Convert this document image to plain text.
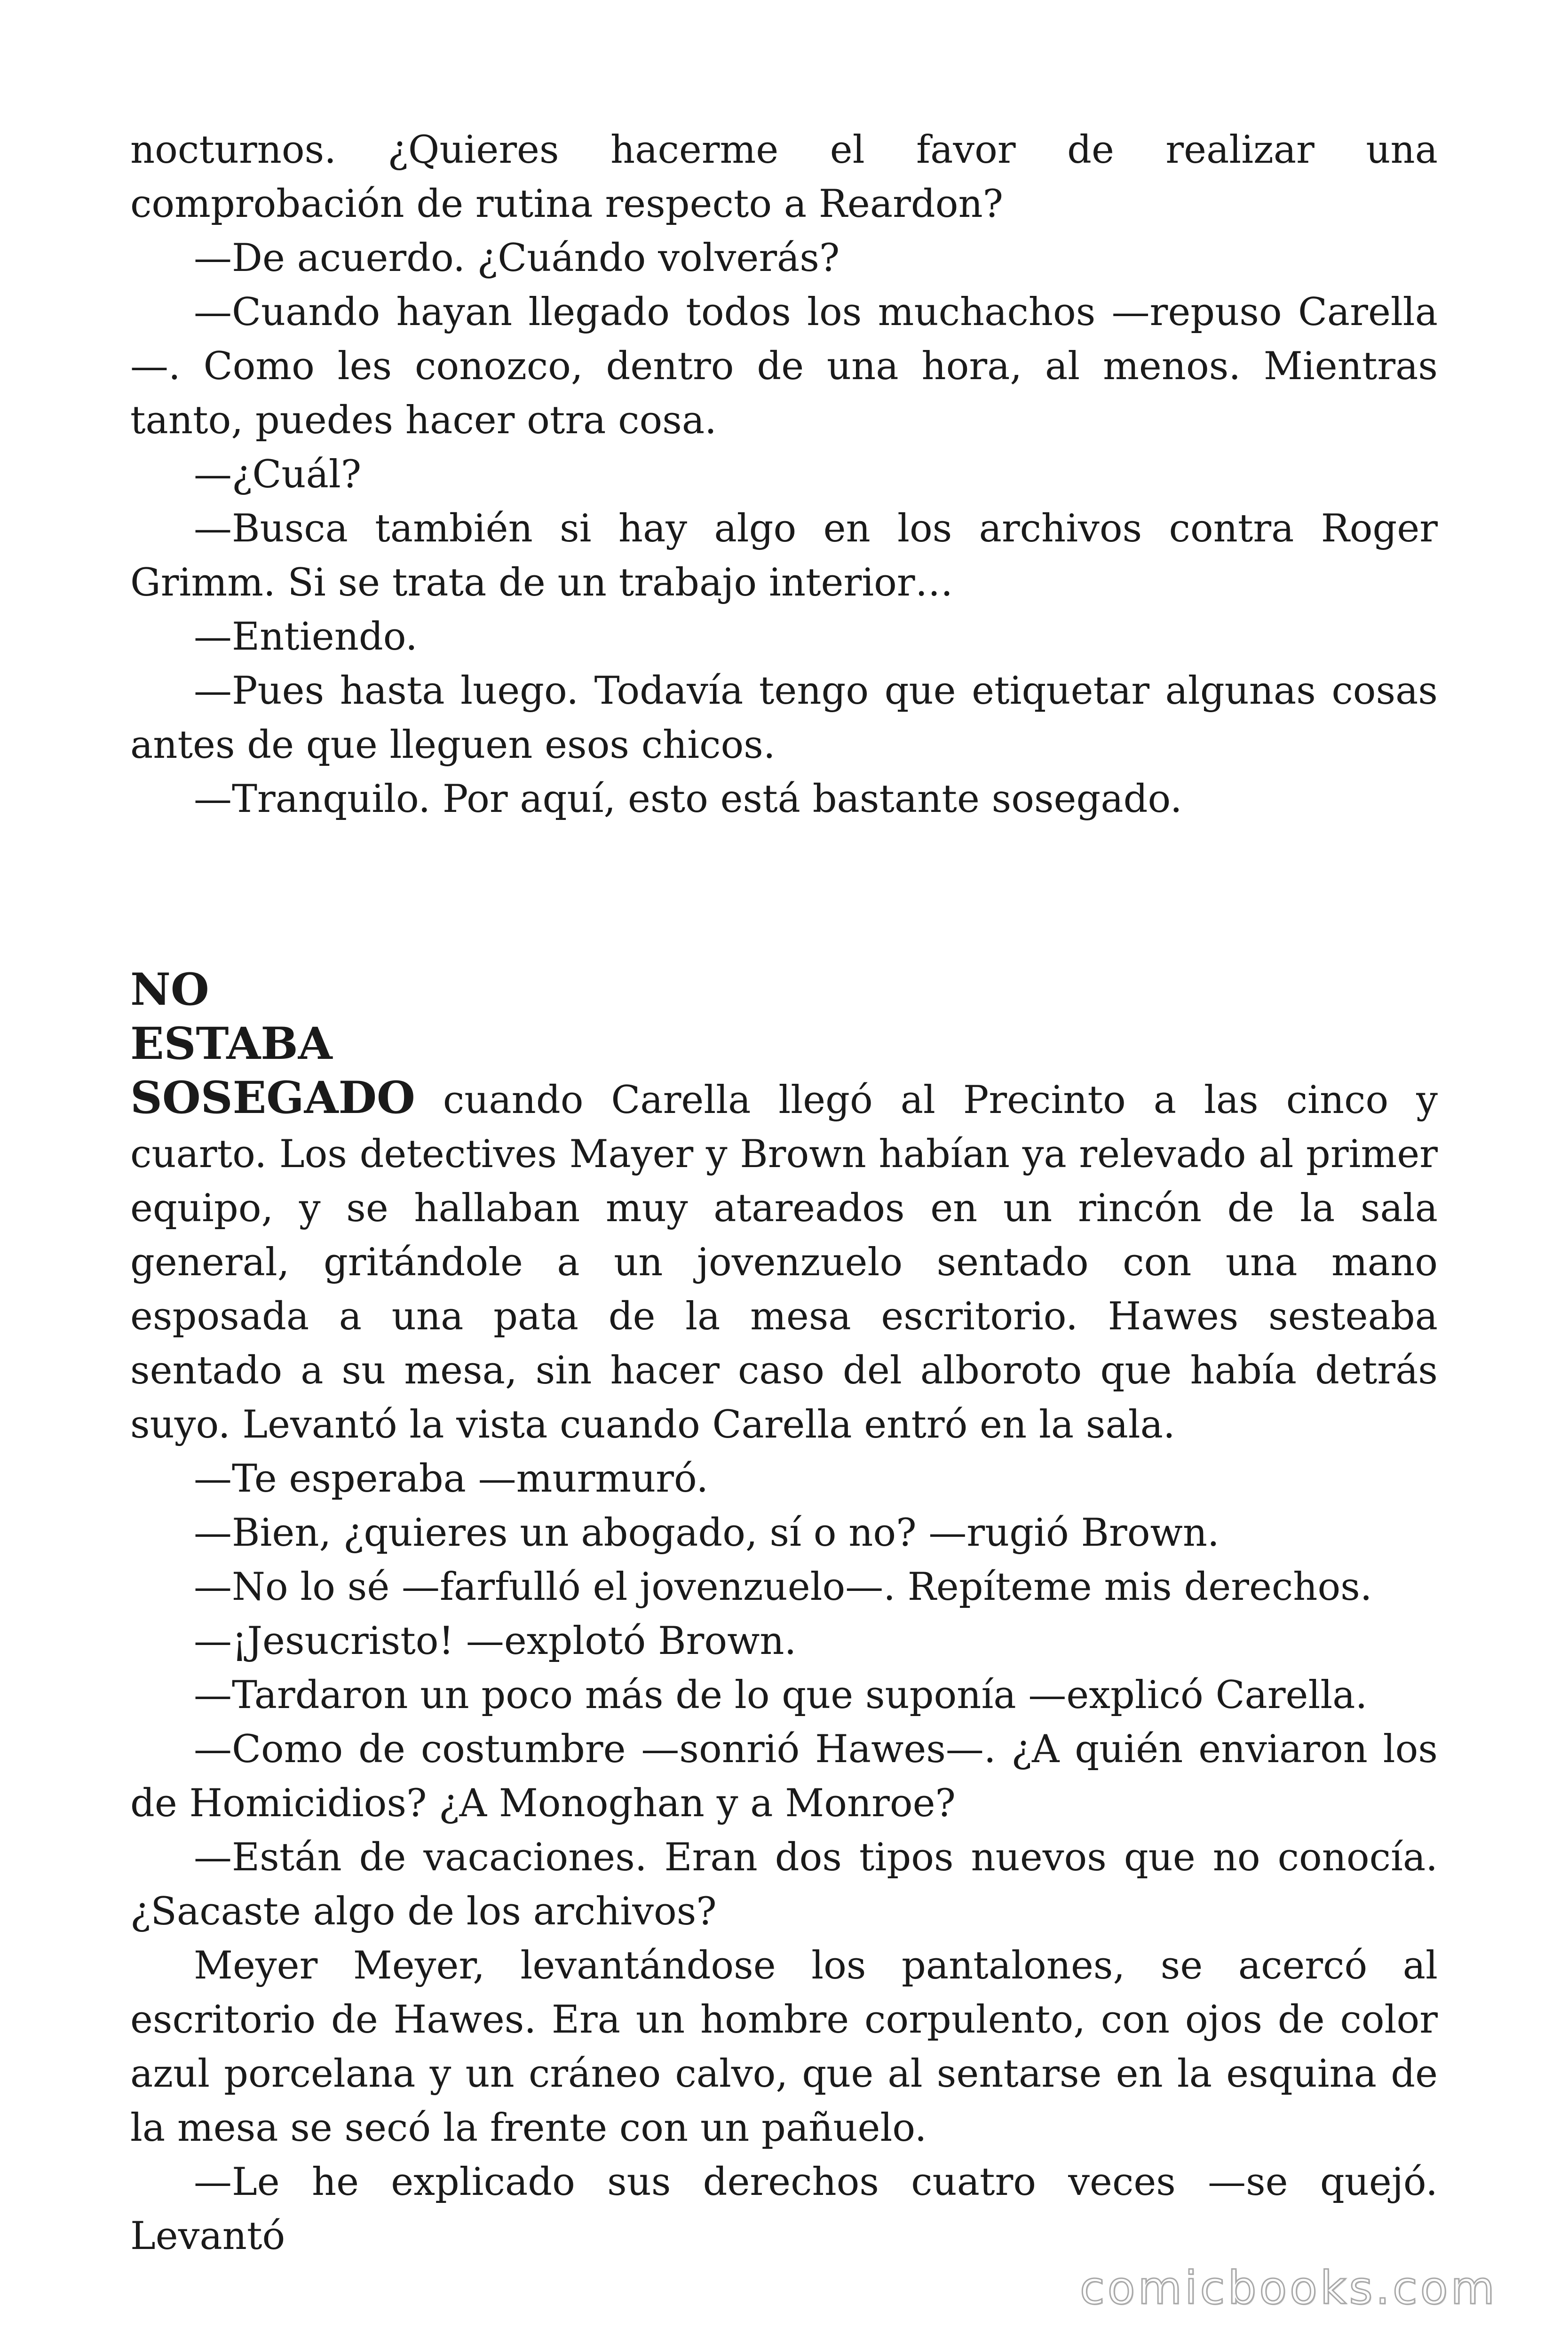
nocturnos. ¿Quieres hacerme el favor de realizar una comprobación de rutina respecto a Reardon?

—De acuerdo. ¿Cuándo volverás?

—Cuando hayan llegado todos los muchachos —repuso Carella —. Como les conozco, dentro de una hora, al menos. Mientras tanto, puedes hacer otra cosa.

—¿Cuál?

—Busca también si hay algo en los archivos contra Roger Grimm. Si se trata de un trabajo interior…

—Entiendo.

—Pues hasta luego. Todavía tengo que etiquetar algunas cosas antes de que lleguen esos chicos.

—Tranquilo. Por aquí, esto está bastante sosegado.

NO
ESTABA

SOSEGADO cuando Carella llegó al Precinto a las cinco y cuarto. Los detectives Mayer y Brown habían ya relevado al primer equipo, y se hallaban muy atareados en un rincón de la sala general, gritándole a un jovenzuelo sentado con una mano esposada a una pata de la mesa escritorio. Hawes sesteaba sentado a su mesa, sin hacer caso del alboroto que había detrás suyo. Levantó la vista cuando Carella entró en la sala.

—Te esperaba —murmuró.

—Bien, ¿quieres un abogado, sí o no? —rugió Brown.

—No lo sé —farfulló el jovenzuelo—. Repíteme mis derechos.

—¡Jesucristo! —explotó Brown.

—Tardaron un poco más de lo que suponía —explicó Carella.

—Como de costumbre —sonrió Hawes—. ¿A quién enviaron los de Homicidios? ¿A Monoghan y a Monroe?

—Están de vacaciones. Eran dos tipos nuevos que no conocía. ¿Sacaste algo de los archivos?

Meyer Meyer, levantándose los pantalones, se acercó al escritorio de Hawes. Era un hombre corpulento, con ojos de color azul porcelana y un cráneo calvo, que al sentarse en la esquina de la mesa se secó la frente con un pañuelo.

—Le he explicado sus derechos cuatro veces —se quejó. Levantó

comicbooks.com
